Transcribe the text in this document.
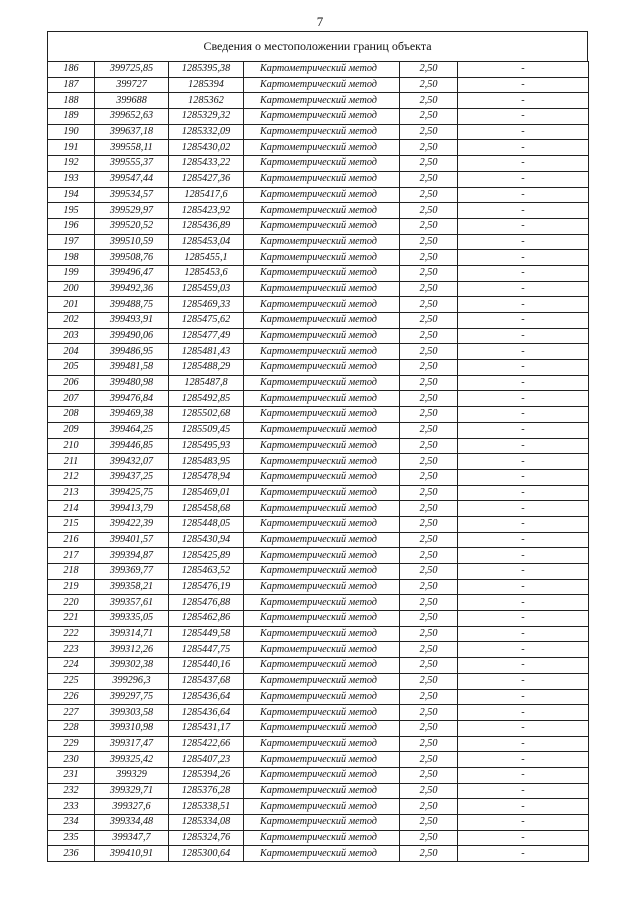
7
Сведения о местоположении границ объекта
186	399725,85	1285395,38	Картометрический метод	2,50	-
187	399727	1285394	Картометрический метод	2,50	-
188	399688	1285362	Картометрический метод	2,50	-
189	399652,63	1285329,32	Картометрический метод	2,50	-
190	399637,18	1285332,09	Картометрический метод	2,50	-
191	399558,11	1285430,02	Картометрический метод	2,50	-
192	399555,37	1285433,22	Картометрический метод	2,50	-
193	399547,44	1285427,36	Картометрический метод	2,50	-
194	399534,57	1285417,6	Картометрический метод	2,50	-
195	399529,97	1285423,92	Картометрический метод	2,50	-
196	399520,52	1285436,89	Картометрический метод	2,50	-
197	399510,59	1285453,04	Картометрический метод	2,50	-
198	399508,76	1285455,1	Картометрический метод	2,50	-
199	399496,47	1285453,6	Картометрический метод	2,50	-
200	399492,36	1285459,03	Картометрический метод	2,50	-
201	399488,75	1285469,33	Картометрический метод	2,50	-
202	399493,91	1285475,62	Картометрический метод	2,50	-
203	399490,06	1285477,49	Картометрический метод	2,50	-
204	399486,95	1285481,43	Картометрический метод	2,50	-
205	399481,58	1285488,29	Картометрический метод	2,50	-
206	399480,98	1285487,8	Картометрический метод	2,50	-
207	399476,84	1285492,85	Картометрический метод	2,50	-
208	399469,38	1285502,68	Картометрический метод	2,50	-
209	399464,25	1285509,45	Картометрический метод	2,50	-
210	399446,85	1285495,93	Картометрический метод	2,50	-
211	399432,07	1285483,95	Картометрический метод	2,50	-
212	399437,25	1285478,94	Картометрический метод	2,50	-
213	399425,75	1285469,01	Картометрический метод	2,50	-
214	399413,79	1285458,68	Картометрический метод	2,50	-
215	399422,39	1285448,05	Картометрический метод	2,50	-
216	399401,57	1285430,94	Картометрический метод	2,50	-
217	399394,87	1285425,89	Картометрический метод	2,50	-
218	399369,77	1285463,52	Картометрический метод	2,50	-
219	399358,21	1285476,19	Картометрический метод	2,50	-
220	399357,61	1285476,88	Картометрический метод	2,50	-
221	399335,05	1285462,86	Картометрический метод	2,50	-
222	399314,71	1285449,58	Картометрический метод	2,50	-
223	399312,26	1285447,75	Картометрический метод	2,50	-
224	399302,38	1285440,16	Картометрический метод	2,50	-
225	399296,3	1285437,68	Картометрический метод	2,50	-
226	399297,75	1285436,64	Картометрический метод	2,50	-
227	399303,58	1285436,64	Картометрический метод	2,50	-
228	399310,98	1285431,17	Картометрический метод	2,50	-
229	399317,47	1285422,66	Картометрический метод	2,50	-
230	399325,42	1285407,23	Картометрический метод	2,50	-
231	399329	1285394,26	Картометрический метод	2,50	-
232	399329,71	1285376,28	Картометрический метод	2,50	-
233	399327,6	1285338,51	Картометрический метод	2,50	-
234	399334,48	1285334,08	Картометрический метод	2,50	-
235	399347,7	1285324,76	Картометрический метод	2,50	-
236	399410,91	1285300,64	Картометрический метод	2,50	-
